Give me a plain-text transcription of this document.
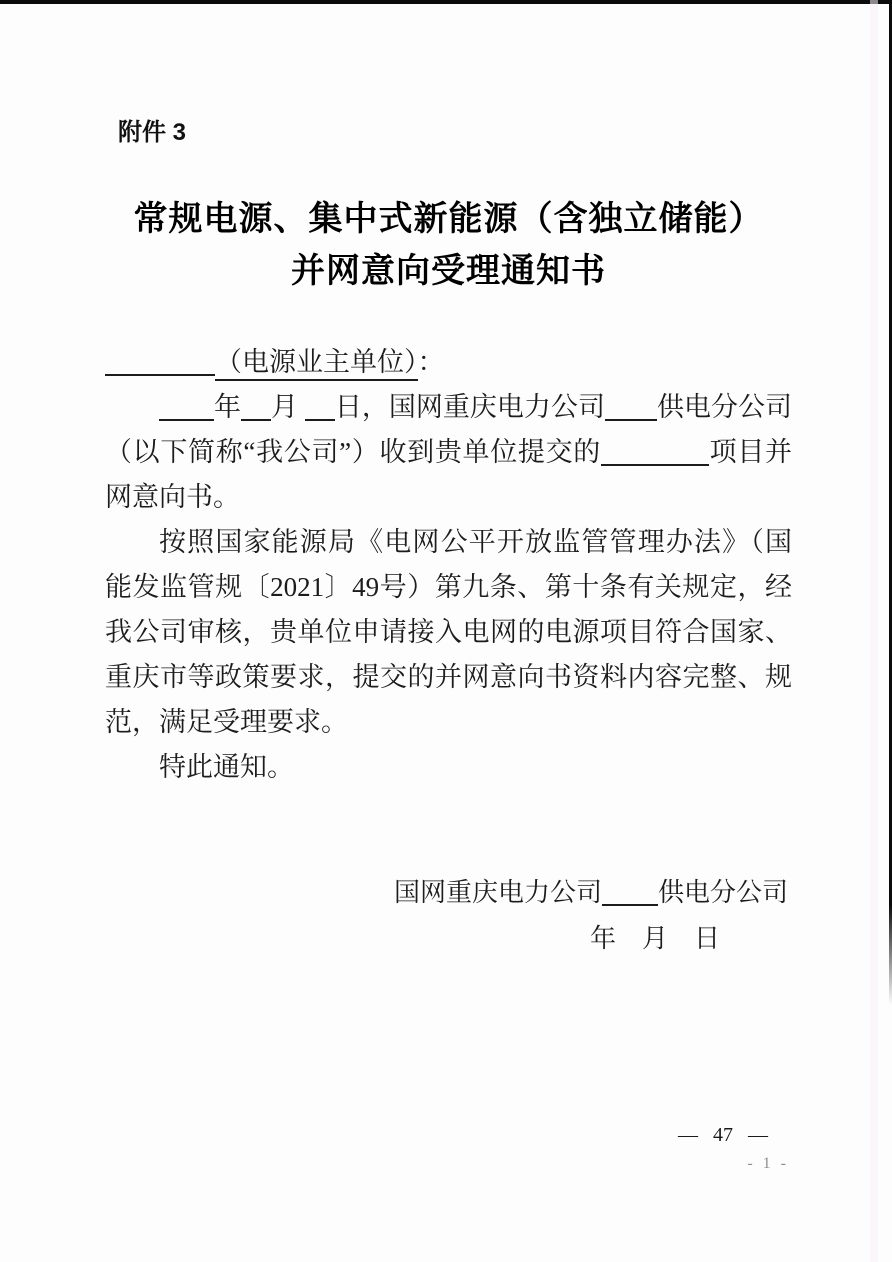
附件 3
常规电源、集中式新能源（含独立储能）
并网意向受理通知书
（电源业主单位）：

年 月 日，国网重庆电力公司 供电分公司（以下简称“我公司”）收到贵单位提交的	项目并网意向书。

按照国家能源局《电网公平开放监管管理办法》（国能发监管规〔2021〕49号）第九条、第十条有关规定，经我公司审核，贵单位申请接入电网的电源项目符合国家、重庆市等政策要求，提交的并网意向书资料内容完整、规范，满足受理要求。

特此通知。

国网重庆电力公司 供电分公司
年　月　日
— 47 —
- 1 -
